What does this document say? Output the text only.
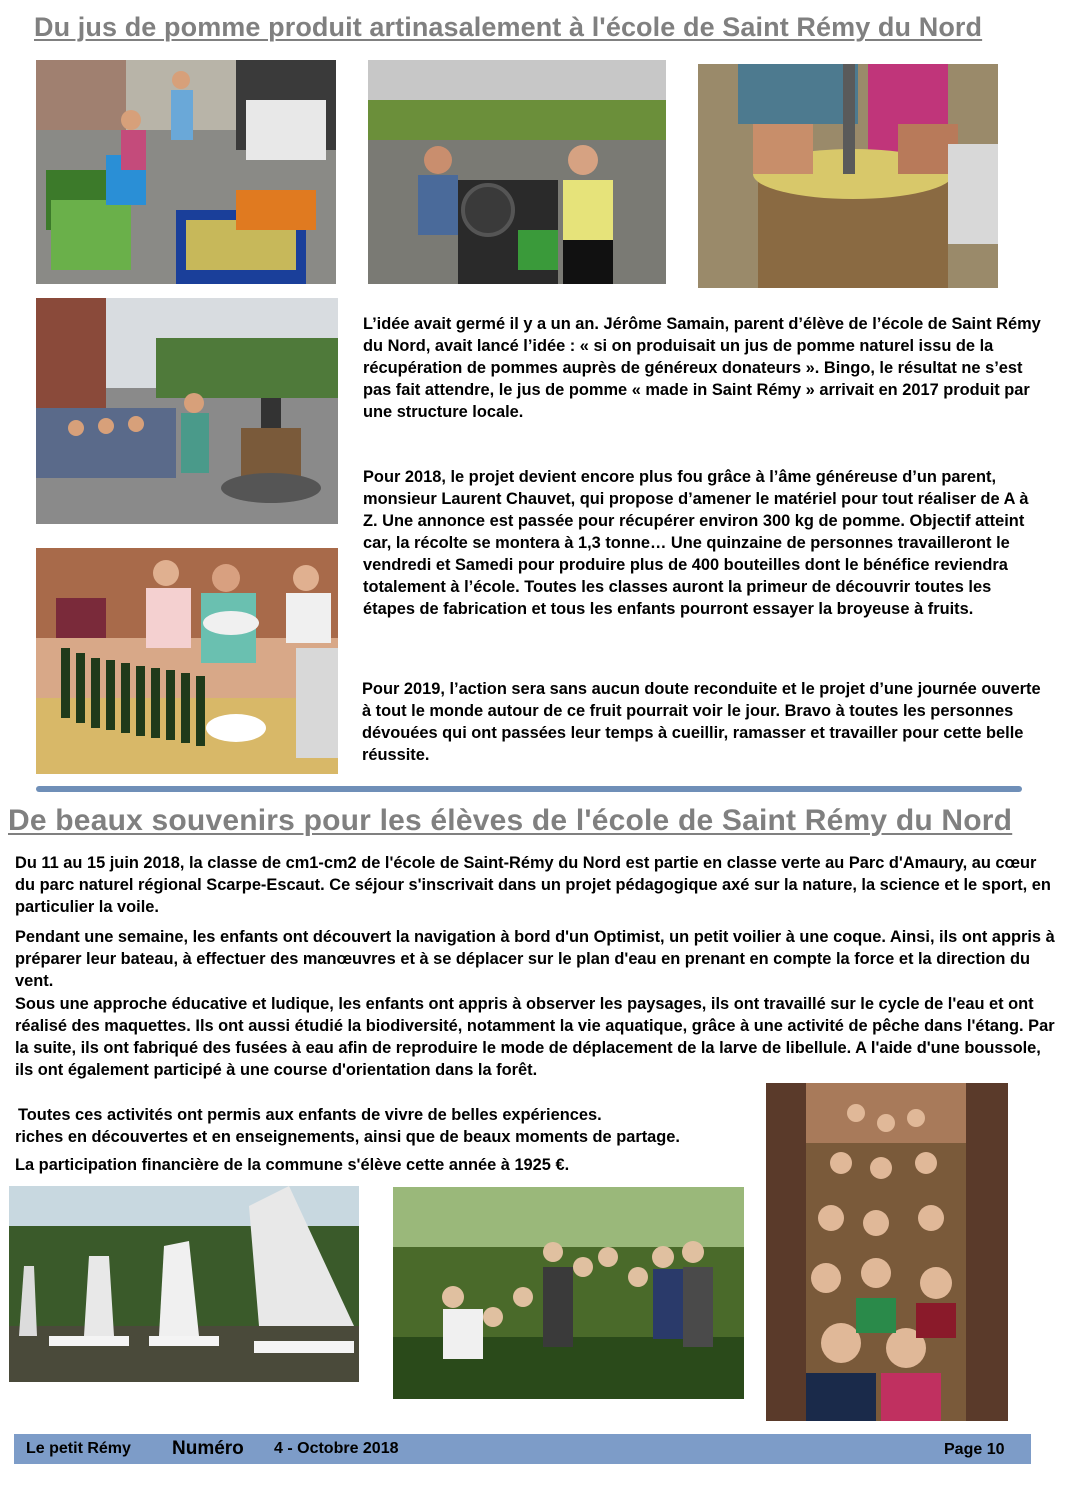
Du jus de pomme produit artinasalement à l'école de Saint Rémy du Nord

L’idée avait germé il y a un an. Jérôme Samain, parent d’élève de l’école de Saint Rémy du Nord, avait lancé l’idée : « si on produisait un jus de pomme naturel issu de la récupération de pommes auprès de généreux donateurs ». Bingo, le résultat ne s’est pas fait attendre, le jus de pomme « made in Saint Rémy » arrivait en 2017 produit par une structure locale.

Pour 2018, le projet devient encore plus fou grâce à l’âme généreuse d’un parent, monsieur Laurent Chauvet, qui propose d’amener le matériel pour tout réaliser de A à Z. Une annonce est passée pour récupérer environ 300 kg de pomme. Objectif atteint car, la récolte se montera à 1,3 tonne… Une quinzaine de personnes travailleront le vendredi et Samedi pour produire plus de 400 bouteilles dont le bénéfice reviendra totalement à l’école. Toutes les classes auront la primeur de découvrir toutes les étapes de fabrication et tous les enfants pourront essayer la broyeuse à fruits.

Pour 2019, l’action sera sans aucun doute reconduite et le projet d’une journée ouverte à tout le monde autour de ce fruit pourrait voir le jour. Bravo à toutes les personnes dévouées qui ont passées leur temps à cueillir, ramasser et travailler pour cette belle réussite.

De beaux souvenirs pour les élèves de l'école de Saint Rémy du Nord

Du 11 au 15 juin 2018, la classe de cm1-cm2 de l'école de Saint-Rémy du Nord est partie en classe verte au Parc d'Amaury, au cœur du parc naturel régional Scarpe-Escaut. Ce séjour s'inscrivait dans un projet pédagogique axé sur la nature, la science et le sport, en particulier la voile.

Pendant une semaine, les enfants ont découvert la navigation à bord d'un Optimist, un petit voilier à une coque. Ainsi, ils ont appris à préparer leur bateau, à effectuer des manœuvres et à se déplacer sur le plan d'eau en prenant en compte la force et la direction du vent.

Sous une approche éducative et ludique, les enfants ont appris à observer les paysages, ils ont travaillé sur le cycle de l'eau et ont réalisé des maquettes. Ils ont aussi étudié la biodiversité, notamment la vie aquatique, grâce à une activité de pêche dans l'étang. Par la suite, ils ont fabriqué des fusées à eau afin de reproduire le mode de déplacement de la larve de libellule. A l'aide d'une boussole, ils ont également participé à une course d'orientation dans la forêt.

Toutes ces activités ont permis aux enfants de vivre de belles expériences.

riches en découvertes et en enseignements, ainsi que de beaux moments de partage.

La participation financière de la commune s'élève cette année à 1925 €.

Le petit Rémy Numéro 4 - Octobre 2018	Page 10
